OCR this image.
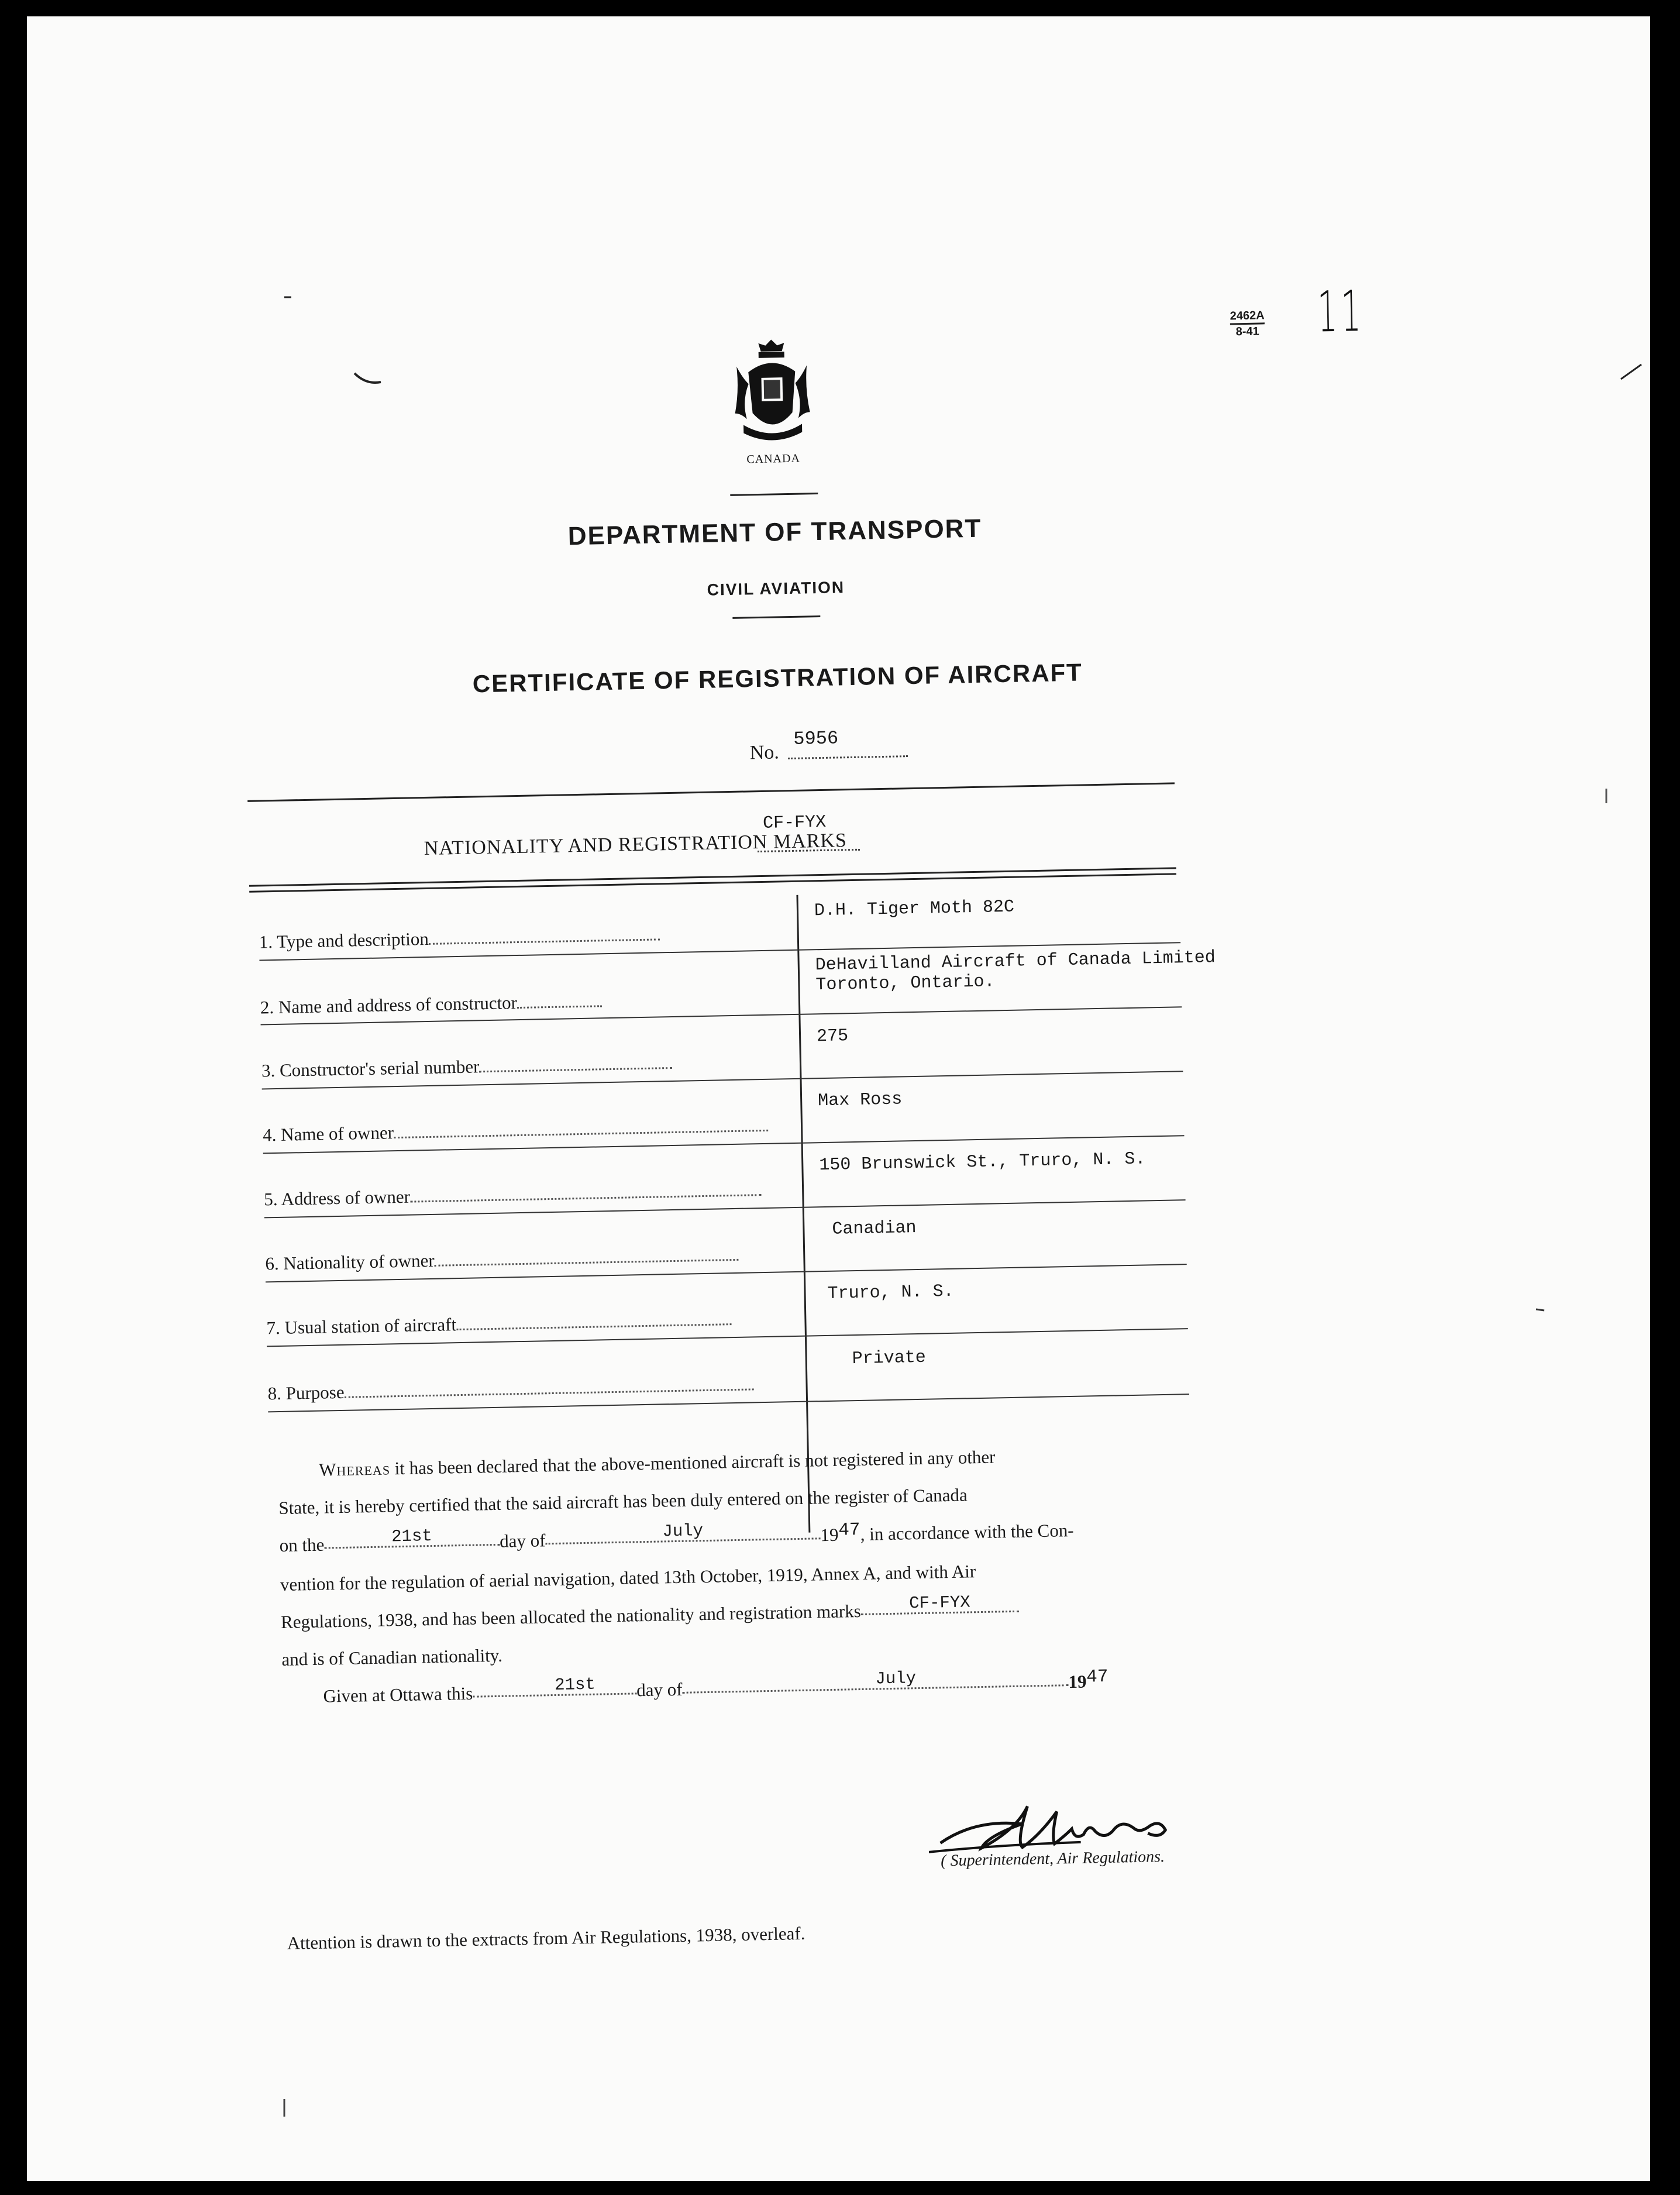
2462A
8-41 11
CANADA
DEPARTMENT OF TRANSPORT
CIVIL AVIATION
CERTIFICATE OF REGISTRATION OF AIRCRAFT
No.
5956
NATIONALITY AND REGISTRATION MARKS
CF-FYX
1. Type and description
D.H. Tiger Moth 82C
2. Name and address of constructor
DeHavilland Aircraft of Canada Limited
Toronto, Ontario.
3. Constructor's serial number
275
4. Name of owner
Max Ross
5. Address of owner
150 Brunswick St., Truro, N. S.
6. Nationality of owner
Canadian
7. Usual station of aircraft
Truro, N. S.
8. Purpose
Private

Whereas it has been declared that the above-mentioned aircraft is not registered in any other

State, it is hereby certified that the said aircraft has been duly entered on the register of Canada

on the	21st	day of	July	1947, in accordance with the Con-

vention for the regulation of aerial navigation, dated 13th October, 1919, Annex A, and with Air

Regulations, 1938, and has been allocated the nationality and registration marks	CF-FYX

and is of Canadian nationality.

Given at Ottawa this	21st day ofJuly	1947

( Superintendent, Air Regulations.
Attention is drawn to the extracts from Air Regulations, 1938, overleaf.
